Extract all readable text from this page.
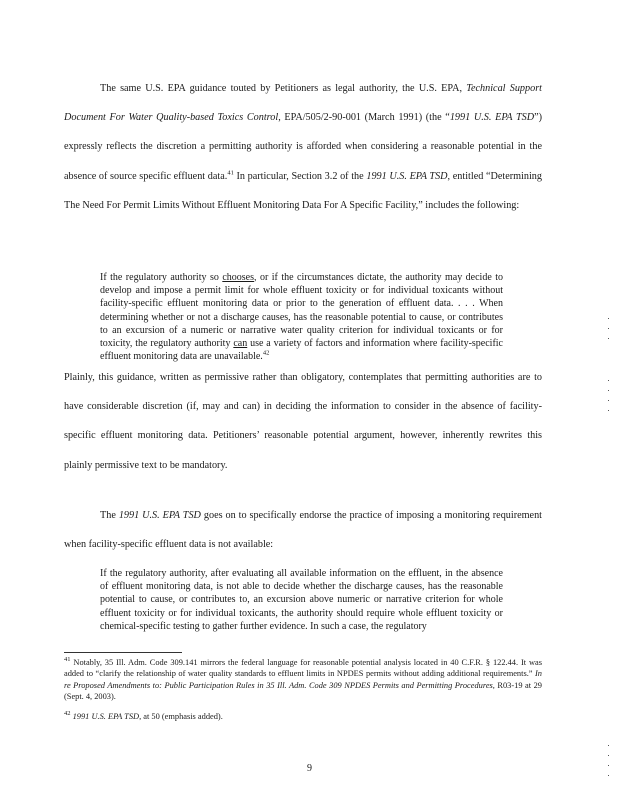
The same U.S. EPA guidance touted by Petitioners as legal authority, the U.S. EPA, Technical Support Document For Water Quality-based Toxics Control, EPA/505/2-90-001 (March 1991) (the “1991 U.S. EPA TSD”) expressly reflects the discretion a permitting authority is afforded when considering a reasonable potential in the absence of source specific effluent data.$^{41}$ In particular, Section 3.2 of the 1991 U.S. EPA TSD, entitled “Determining The Need For Permit Limits Without Effluent Monitoring Data For A Specific Facility,” includes the following:

If the regulatory authority so chooses, or if the circumstances dictate, the authority may decide to develop and impose a permit limit for whole effluent toxicity or for individual toxicants without facility-specific effluent monitoring data or prior to the generation of effluent data. . . . When determining whether or not a discharge causes, has the reasonable potential to cause, or contributes to an excursion of a numeric or narrative water quality criterion for individual toxicants or for toxicity, the regulatory authority can use a variety of factors and information where facility-specific effluent monitoring data are unavailable.$^{42}$

Plainly, this guidance, written as permissive rather than obligatory, contemplates that permitting authorities are to have considerable discretion (if, may and can) in deciding the information to consider in the absence of facility-specific effluent monitoring data. Petitioners’ reasonable potential argument, however, inherently rewrites this plainly permissive text to be mandatory.

The 1991 U.S. EPA TSD goes on to specifically endorse the practice of imposing a monitoring requirement when facility-specific effluent data is not available:

If the regulatory authority, after evaluating all available information on the effluent, in the absence of effluent monitoring data, is not able to decide whether the discharge causes, has the reasonable potential to cause, or contributes to, an excursion above numeric or narrative criterion for whole effluent toxicity or for individual toxicants, the authority should require whole effluent toxicity or chemical-specific testing to gather further evidence. In such a case, the regulatory

$^{41}$ Notably, 35 Ill. Adm. Code 309.141 mirrors the federal language for reasonable potential analysis located in 40 C.F.R. § 122.44. It was added to “clarify the relationship of water quality standards to effluent limits in NPDES permits without adding additional requirements.” In re Proposed Amendments to: Public Participation Rules in 35 Ill. Adm. Code 309 NPDES Permits and Permitting Procedures, R03-19 at 29 (Sept. 4, 2003).

$^{42}$ 1991 U.S. EPA TSD, at 50 (emphasis added).

9
